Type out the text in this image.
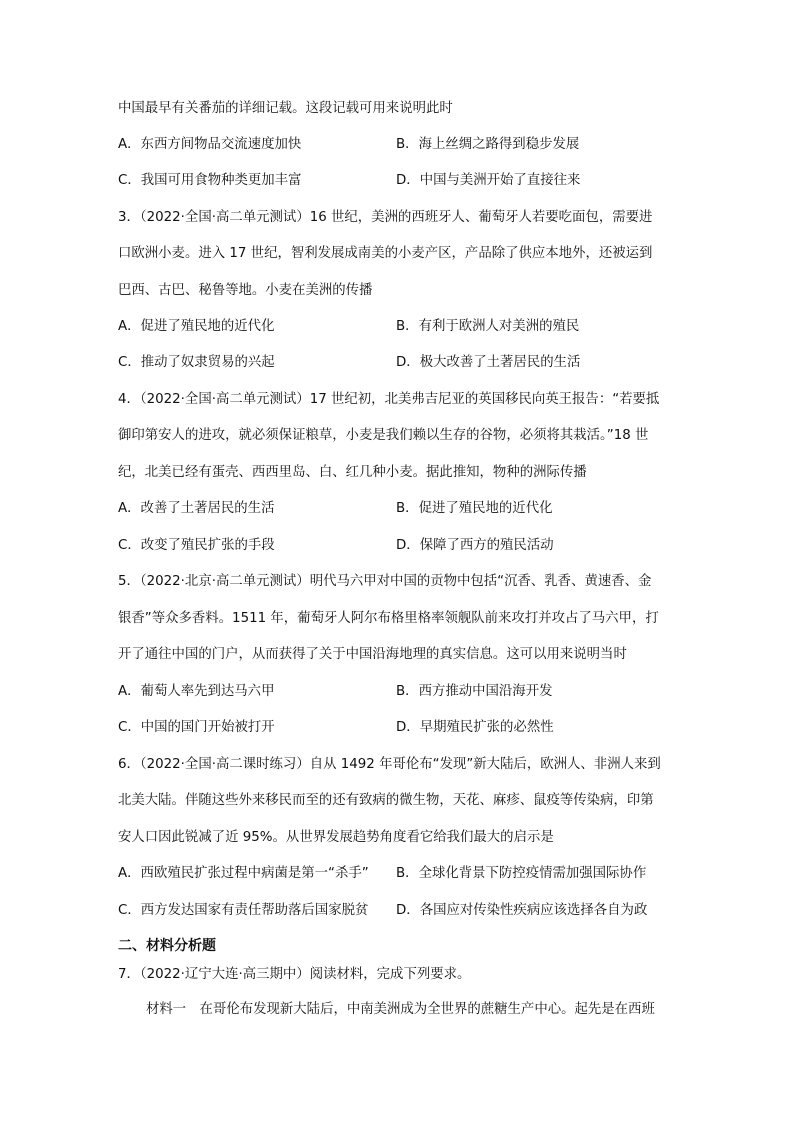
中国最早有关番茄的详细记载。这段记载可用来说明此时
A．东西方间物品交流速度加快	B．海上丝绸之路得到稳步发展
C．我国可用食物种类更加丰富	D．中国与美洲开始了直接往来
3．（2022·全国·高二单元测试）16 世纪，美洲的西班牙人、葡萄牙人若要吃面包，需要进
口欧洲小麦。进入 17 世纪，智利发展成南美的小麦产区，产品除了供应本地外，还被运到
巴西、古巴、秘鲁等地。小麦在美洲的传播
A．促进了殖民地的近代化	B．有利于欧洲人对美洲的殖民
C．推动了奴隶贸易的兴起	D．极大改善了土著居民的生活
4．（2022·全国·高二单元测试）17 世纪初，北美弗吉尼亚的英国移民向英王报告：“若要抵
御印第安人的进攻，就必须保证粮草，小麦是我们赖以生存的谷物，必须将其栽活。”18 世
纪，北美已经有蛋壳、西西里岛、白、红几种小麦。据此推知，物种的洲际传播
A．改善了土著居民的生活	B．促进了殖民地的近代化
C．改变了殖民扩张的手段	D．保障了西方的殖民活动
5．（2022·北京·高二单元测试）明代马六甲对中国的贡物中包括“沉香、乳香、黄速香、金
银香”等众多香料。1511 年，葡萄牙人阿尔布格里格率领舰队前来攻打并攻占了马六甲，打
开了通往中国的门户，从而获得了关于中国沿海地理的真实信息。这可以用来说明当时
A．葡萄人率先到达马六甲	B．西方推动中国沿海开发
C．中国的国门开始被打开	D．早期殖民扩张的必然性
6．（2022·全国·高二课时练习）自从 1492 年哥伦布“发现”新大陆后，欧洲人、非洲人来到
北美大陆。伴随这些外来移民而至的还有致病的微生物，天花、麻疹、鼠疫等传染病，印第
安人口因此锐减了近 95%。从世界发展趋势角度看它给我们最大的启示是
A．西欧殖民扩张过程中病菌是第一“杀手” B．全球化背景下防控疫情需加强国际协作
C．西方发达国家有责任帮助落后国家脱贫 D．各国应对传染性疾病应该选择各自为政
二、材料分析题
7．（2022·辽宁大连·高三期中）阅读材料，完成下列要求。
材料一　在哥伦布发现新大陆后，中南美洲成为全世界的蔗糖生产中心。起先是在西班
